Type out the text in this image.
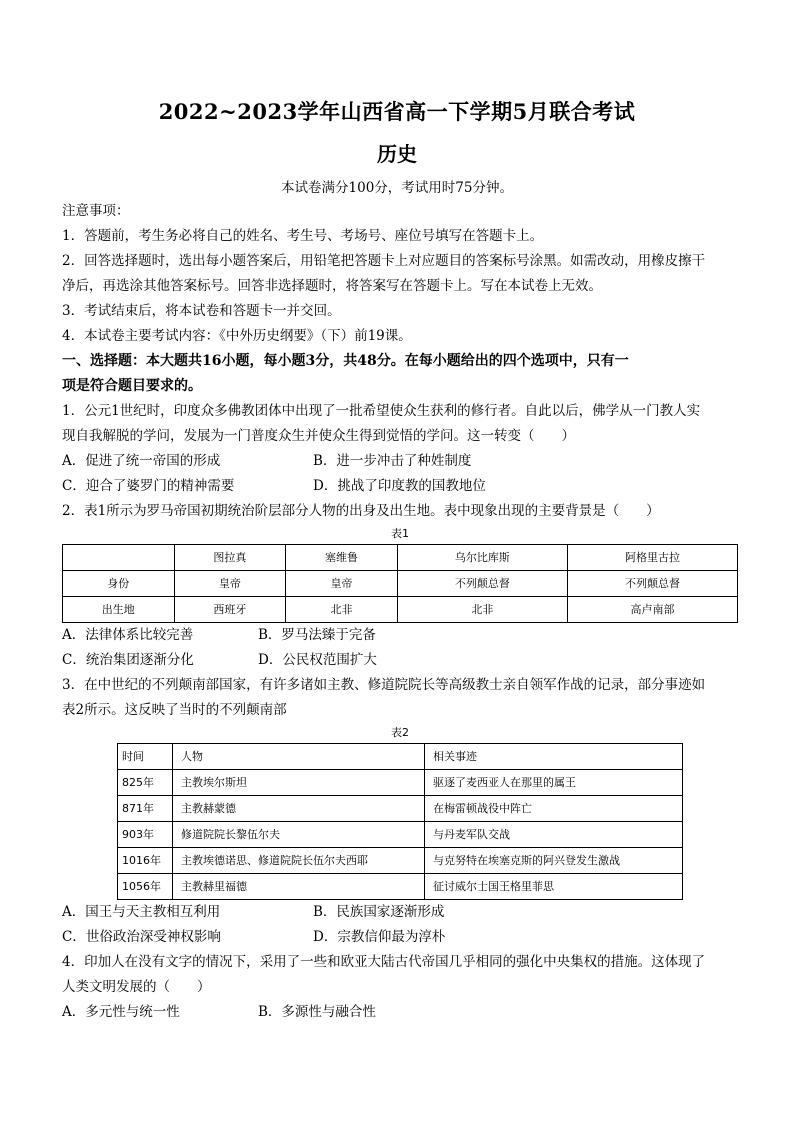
2022~2023学年山西省高一下学期5月联合考试
历史
本试卷满分100分，考试用时75分钟。

注意事项：

1．答题前，考生务必将自己的姓名、考生号、考场号、座位号填写在答题卡上。

2．回答选择题时，选出每小题答案后，用铅笔把答题卡上对应题目的答案标号涂黑。如需改动，用橡皮擦干

净后，再选涂其他答案标号。回答非选择题时，将答案写在答题卡上。写在本试卷上无效。

3．考试结束后，将本试卷和答题卡一并交回。

4．本试卷主要考试内容：《中外历史纲要》（下）前19课。

一、选择题：本大题共16小题，每小题3分，共48分。在每小题给出的四个选项中，只有一

项是符合题目要求的。

1．公元1世纪时，印度众多佛教团体中出现了一批希望使众生获利的修行者。自此以后，佛学从一门教人实

现自我解脱的学问，发展为一门普度众生并使众生得到觉悟的学问。这一转变（　　）

A．促进了统一帝国的形成	B．进一步冲击了种姓制度
C．迎合了婆罗门的精神需要	D．挑战了印度教的国教地位

2．表1所示为罗马帝国初期统治阶层部分人物的出身及出生地。表中现象出现的主要背景是（　　）

表1
	图拉真	塞维鲁	乌尔比库斯	阿格里古拉
身份	皇帝	皇帝	不列颠总督	不列颠总督
出生地	西班牙	北非	北非	高卢南部
A．法律体系比较完善	B．罗马法臻于完备
C．统治集团逐渐分化	D．公民权范围扩大

3．在中世纪的不列颠南部国家，有许多诸如主教、修道院院长等高级教士亲自领军作战的记录，部分事迹如

表2所示。这反映了当时的不列颠南部

表2
时间	人物	相关事迹
825年	主教埃尔斯坦	驱逐了麦西亚人在那里的属王
871年	主教赫蒙德	在梅雷顿战役中阵亡
903年	修道院院长黎伍尔夫	与丹麦军队交战
1016年	主教埃德诺思、修道院院长伍尔夫西耶	与克努特在埃塞克斯的阿兴登发生激战
1056年	主教赫里福德	征讨威尔士国王格里菲思
A．国王与天主教相互利用	B．民族国家逐渐形成
C．世俗政治深受神权影响	D．宗教信仰最为淳朴

4．印加人在没有文字的情况下，采用了一些和欧亚大陆古代帝国几乎相同的强化中央集权的措施。这体现了

人类文明发展的（　　）

A．多元性与统一性	B．多源性与融合性
